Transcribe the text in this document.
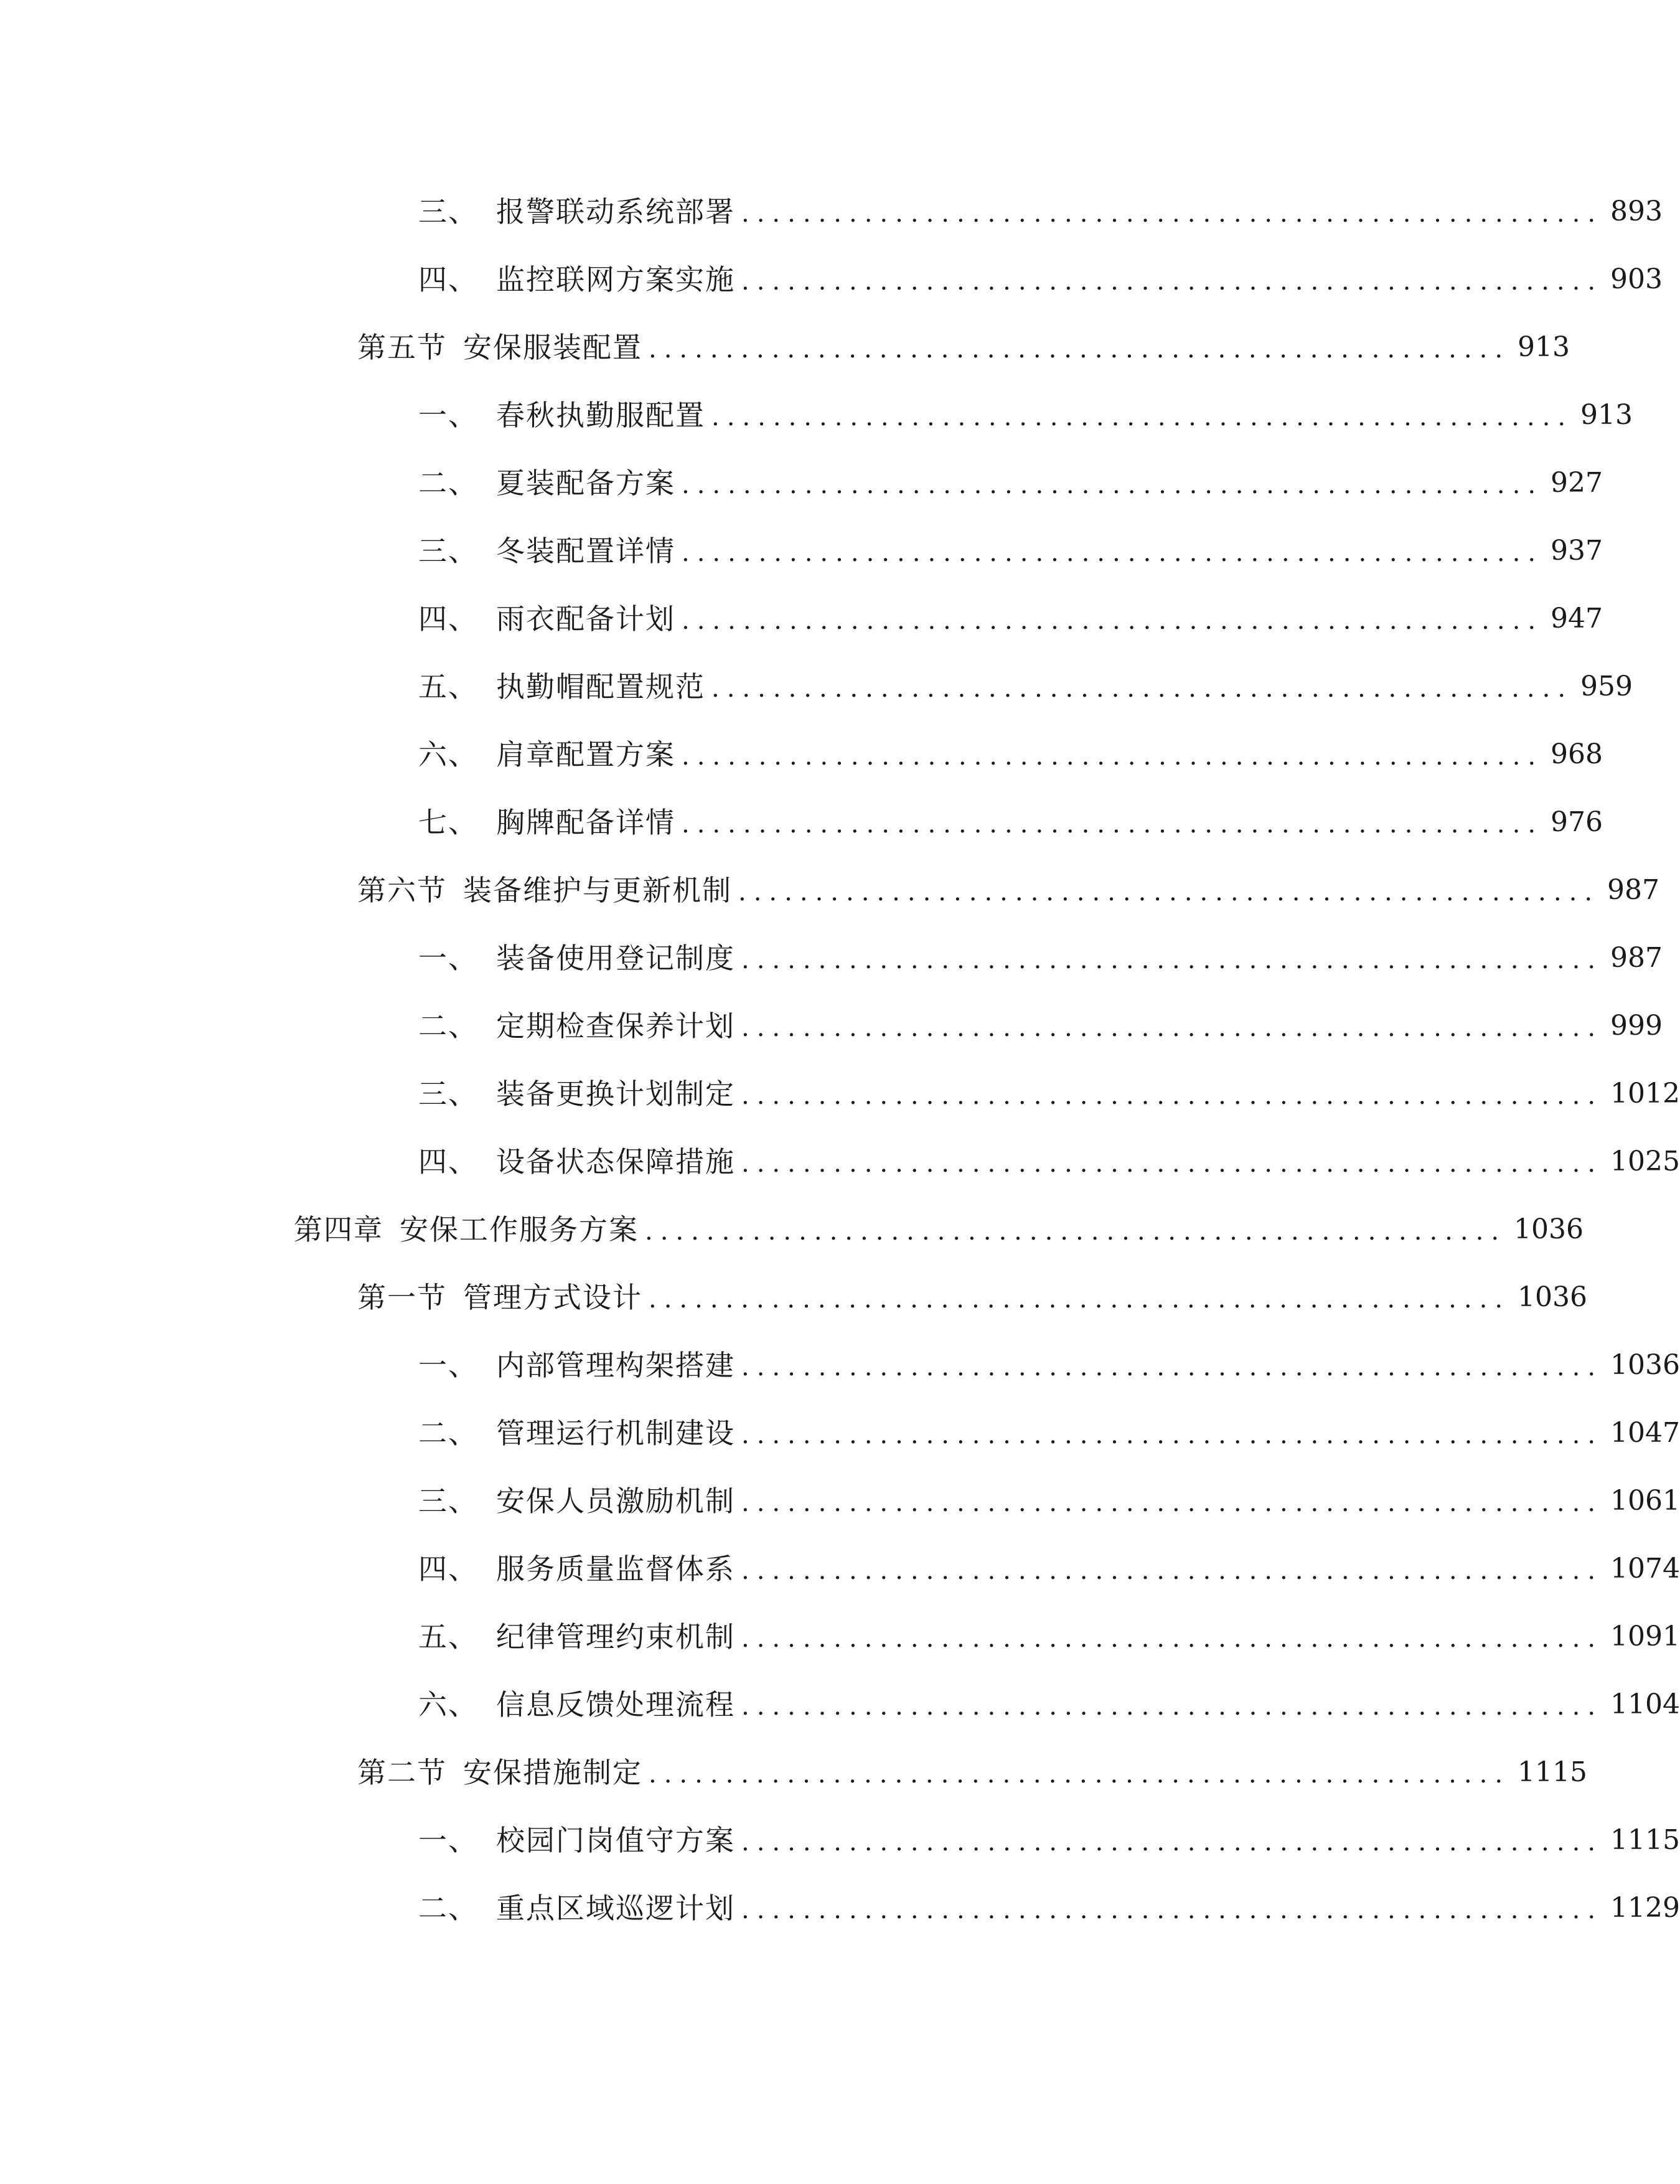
三、 报警联动系统部署 ........................................................ 893
四、 监控联网方案实施 ........................................................ 903
第五节 安保服装配置 ........................................................ 913
一、 春秋执勤服配置 ........................................................ 913
二、 夏装配备方案 ........................................................ 927
三、 冬装配置详情 ........................................................ 937
四、 雨衣配备计划 ........................................................ 947
五、 执勤帽配置规范 ........................................................ 959
六、 肩章配置方案 ........................................................ 968
七、 胸牌配备详情 ........................................................ 976
第六节 装备维护与更新机制 ........................................................ 987
一、 装备使用登记制度 ........................................................ 987
二、 定期检查保养计划 ........................................................ 999
三、 装备更换计划制定 ........................................................ 1012
四、 设备状态保障措施 ........................................................ 1025
第四章 安保工作服务方案 ........................................................ 1036
第一节 管理方式设计 ........................................................ 1036
一、 内部管理构架搭建 ........................................................ 1036
二、 管理运行机制建设 ........................................................ 1047
三、 安保人员激励机制 ........................................................ 1061
四、 服务质量监督体系 ........................................................ 1074
五、 纪律管理约束机制 ........................................................ 1091
六、 信息反馈处理流程 ........................................................ 1104
第二节 安保措施制定 ........................................................ 1115
一、 校园门岗值守方案 ........................................................ 1115
二、 重点区域巡逻计划 ........................................................ 1129
